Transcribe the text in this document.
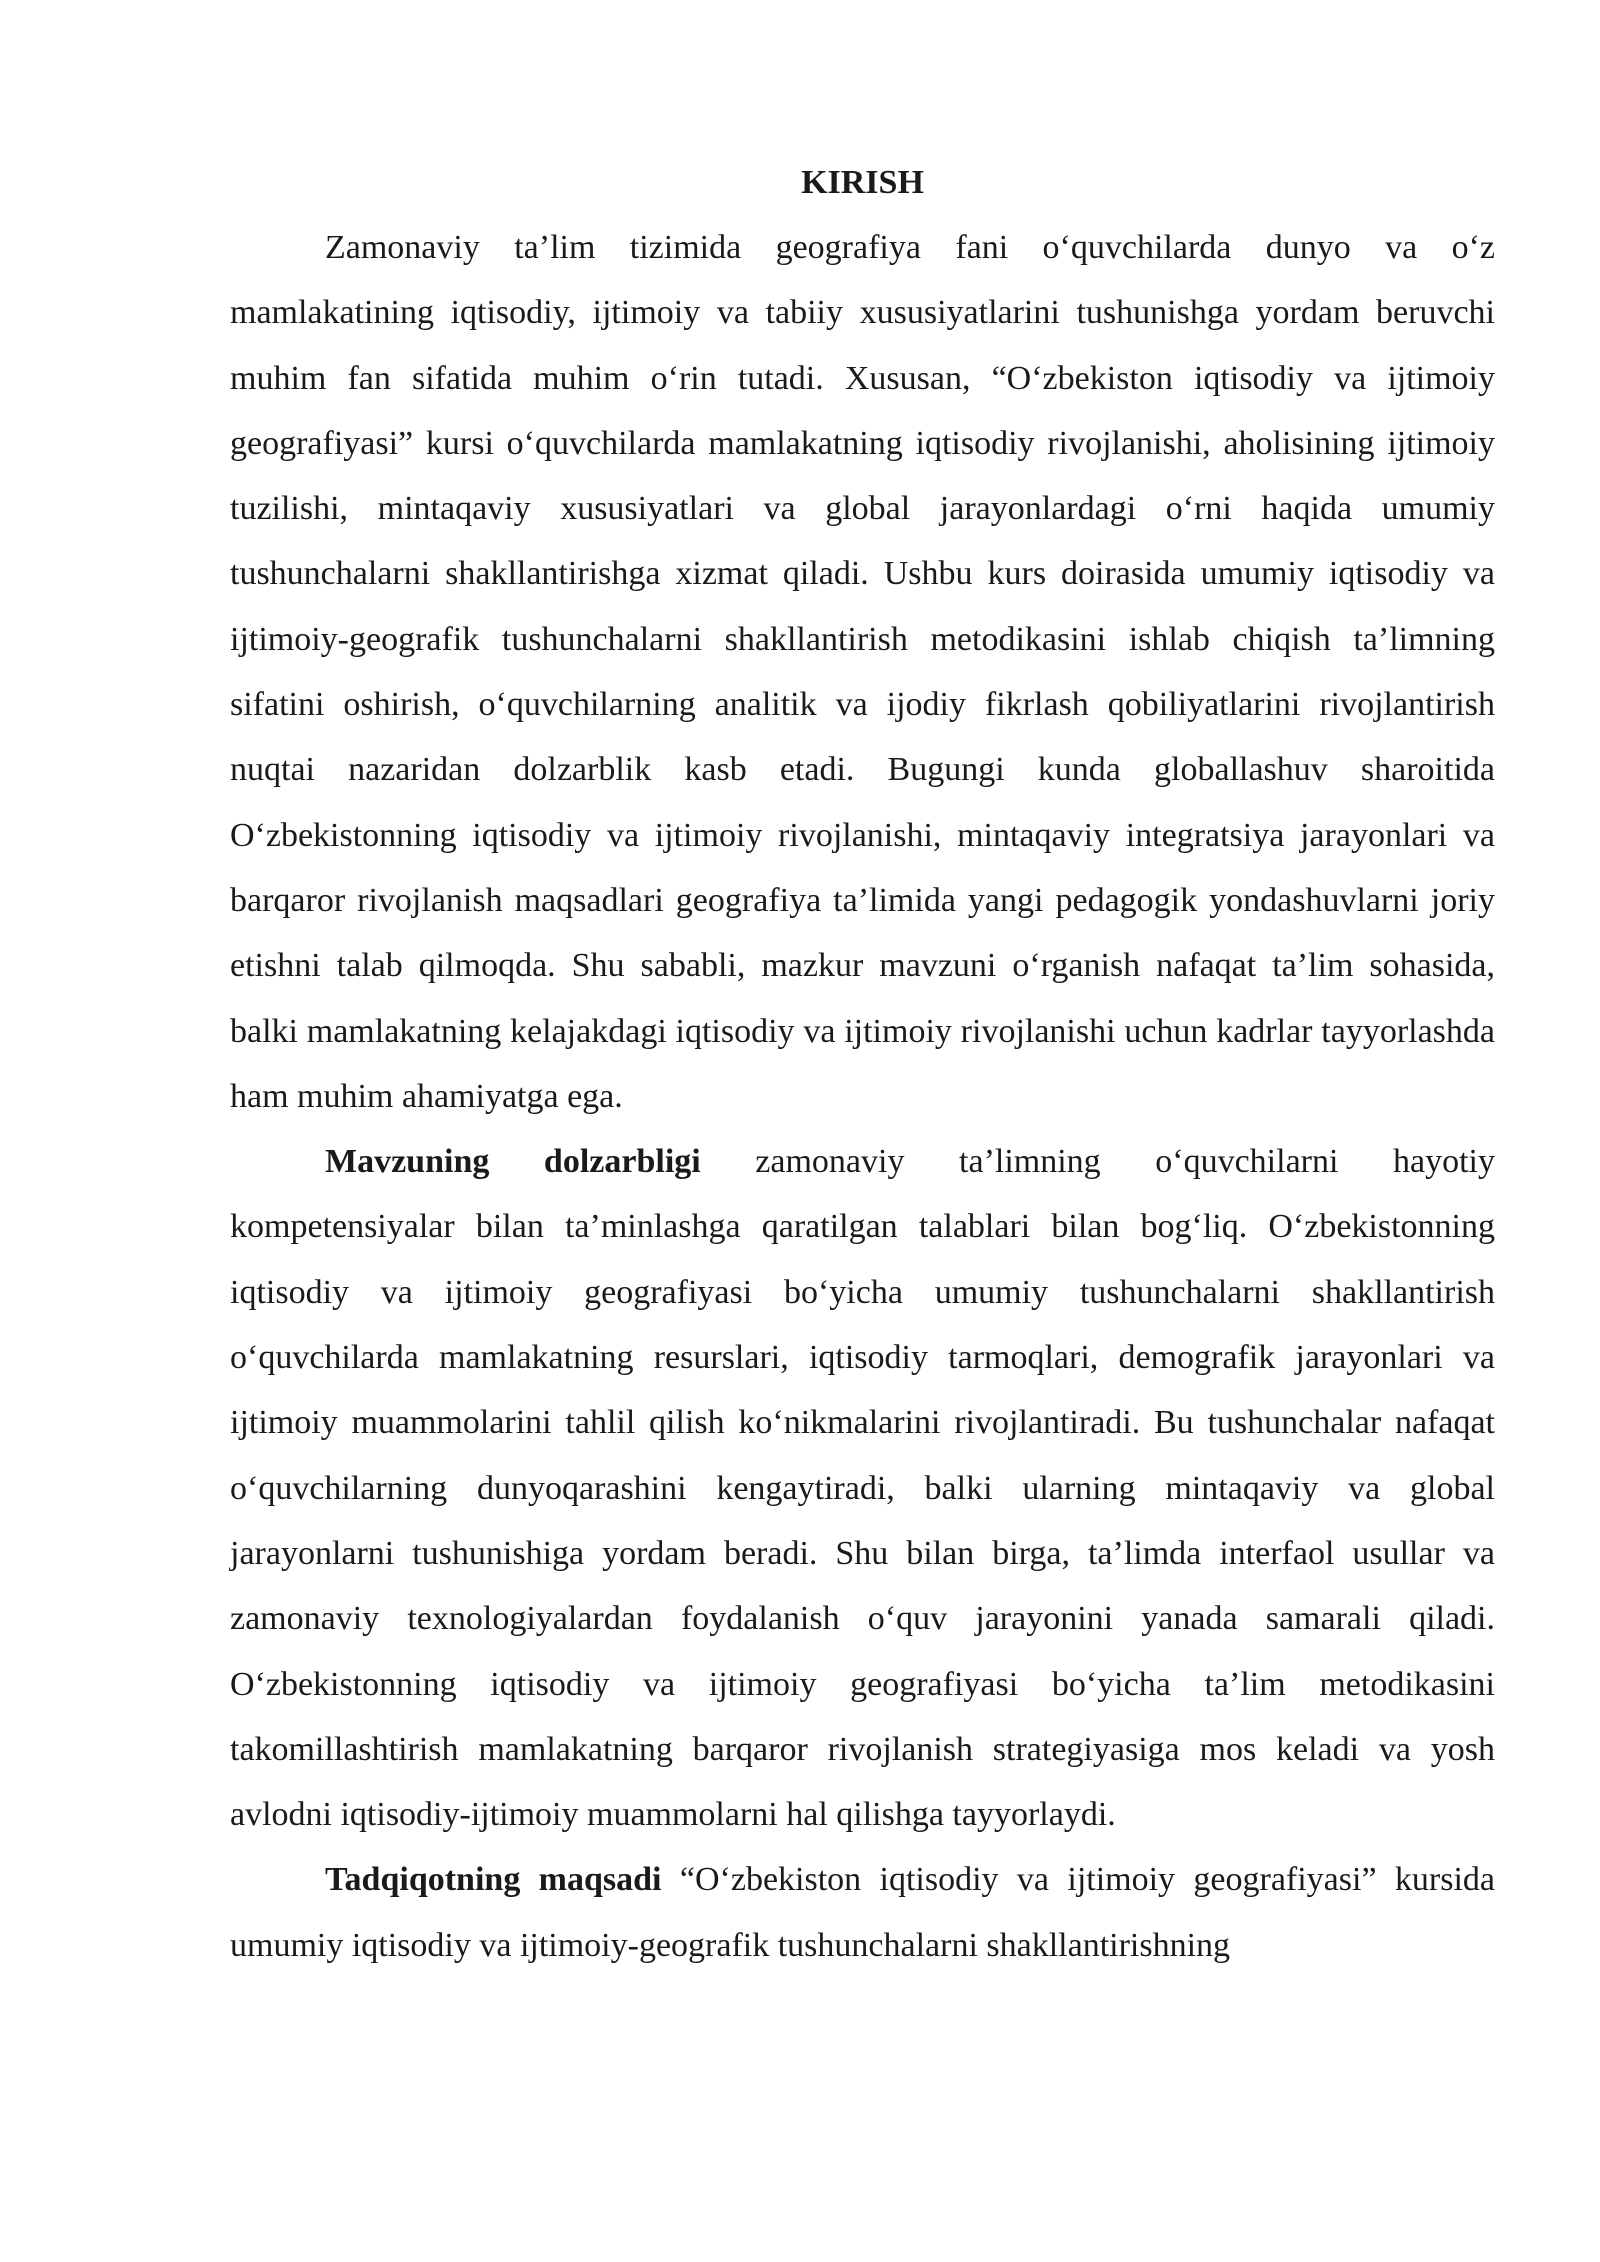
KIRISH

Zamonaviy ta’lim tizimida geografiya fani o‘quvchilarda dunyo va o‘z mamlakatining iqtisodiy, ijtimoiy va tabiiy xususiyatlarini tushunishga yordam beruvchi muhim fan sifatida muhim o‘rin tutadi. Xususan, “O‘zbekiston iqtisodiy va ijtimoiy geografiyasi” kursi o‘quvchilarda mamlakatning iqtisodiy rivojlanishi, aholisining ijtimoiy tuzilishi, mintaqaviy xususiyatlari va global jarayonlardagi o‘rni haqida umumiy tushunchalarni shakllantirishga xizmat qiladi. Ushbu kurs doirasida umumiy iqtisodiy va ijtimoiy-geografik tushunchalarni shakllantirish metodikasini ishlab chiqish ta’limning sifatini oshirish, o‘quvchilarning analitik va ijodiy fikrlash qobiliyatlarini rivojlantirish nuqtai nazaridan dolzarblik kasb etadi. Bugungi kunda globallashuv sharoitida O‘zbekistonning iqtisodiy va ijtimoiy rivojlanishi, mintaqaviy integratsiya jarayonlari va barqaror rivojlanish maqsadlari geografiya ta’limida yangi pedagogik yondashuvlarni joriy etishni talab qilmoqda. Shu sababli, mazkur mavzuni o‘rganish nafaqat ta’lim sohasida, balki mamlakatning kelajakdagi iqtisodiy va ijtimoiy rivojlanishi uchun kadrlar tayyorlashda ham muhim ahamiyatga ega.

Mavzuning dolzarbligi zamonaviy ta’limning o‘quvchilarni hayotiy kompetensiyalar bilan ta’minlashga qaratilgan talablari bilan bog‘liq. O‘zbekistonning iqtisodiy va ijtimoiy geografiyasi bo‘yicha umumiy tushunchalarni shakllantirish o‘quvchilarda mamlakatning resurslari, iqtisodiy tarmoqlari, demografik jarayonlari va ijtimoiy muammolarini tahlil qilish ko‘nikmalarini rivojlantiradi. Bu tushunchalar nafaqat o‘quvchilarning dunyoqarashini kengaytiradi, balki ularning mintaqaviy va global jarayonlarni tushunishiga yordam beradi. Shu bilan birga, ta’limda interfaol usullar va zamonaviy texnologiyalardan foydalanish o‘quv jarayonini yanada samarali qiladi. O‘zbekistonning iqtisodiy va ijtimoiy geografiyasi bo‘yicha ta’lim metodikasini takomillashtirish mamlakatning barqaror rivojlanish strategiyasiga mos keladi va yosh avlodni iqtisodiy-ijtimoiy muammolarni hal qilishga tayyorlaydi.

Tadqiqotning maqsadi “O‘zbekiston iqtisodiy va ijtimoiy geografiyasi” kursida umumiy iqtisodiy va ijtimoiy-geografik tushunchalarni shakllantirishning
